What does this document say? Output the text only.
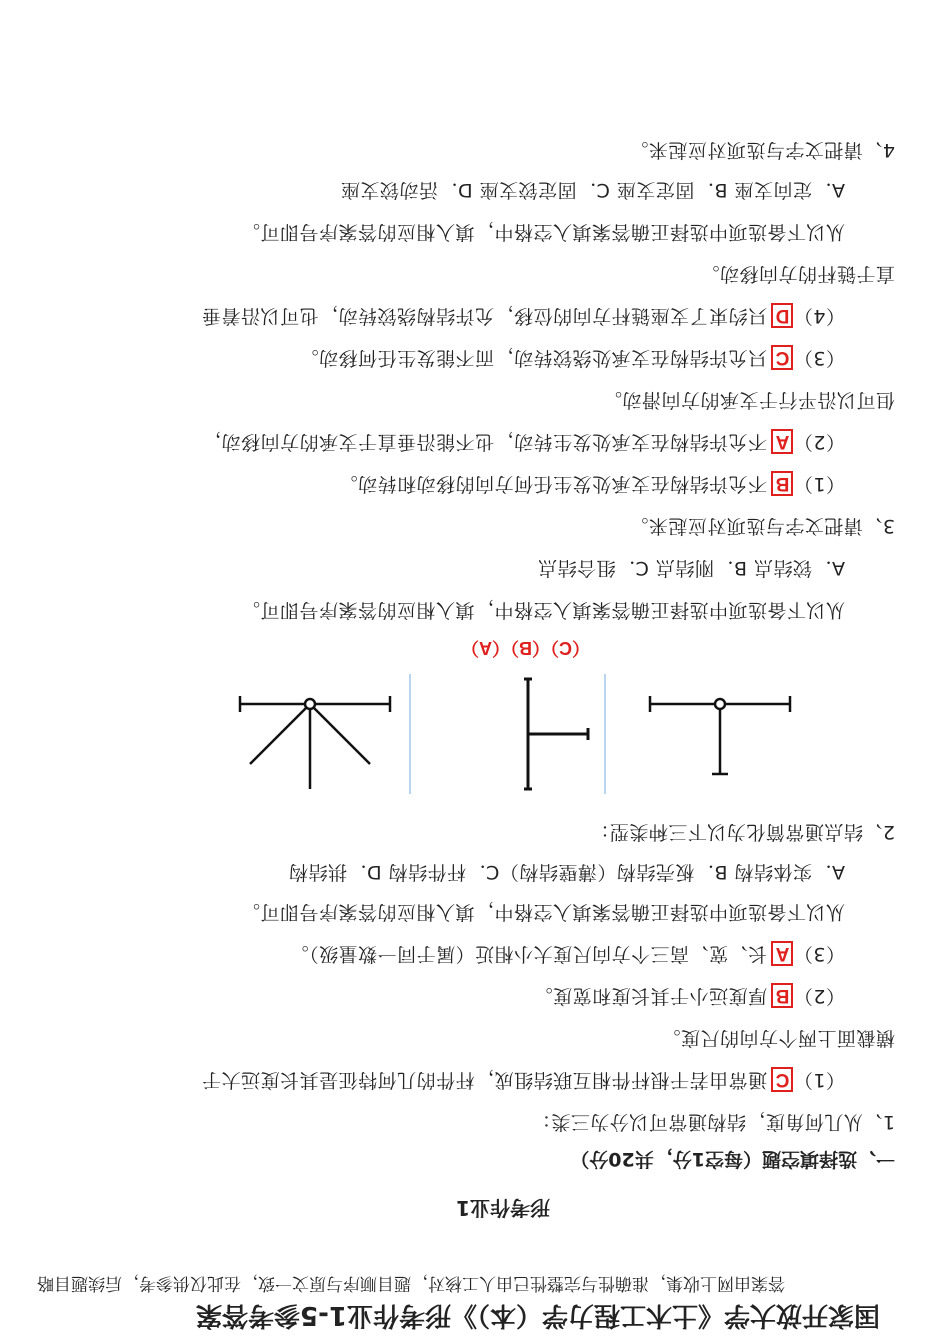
国家开放大学《土木工程力学（本）》形考作业1-5参考答案
答案由网上收集，准确性与完整性已由人工核对，题目顺序与原文一致，在此仅供参考，后续题目略
形考作业1
一、选择填空题（每空1分，共20分）
1、从几何角度，结构通常可以分为三类：
（1）C通常由若干根杆件相互联结组成，杆件的几何特征是其长度远大于
横截面上两个方向的尺度。
（2）B厚度远小于其长度和宽度。
（3）A长、宽、高三个方向尺度大小相近（属于同一数量级）。
从以下备选项中选择正确答案填入空格中，填入相应的答案序号即可。
A．实体结构 B．板壳结构（薄壁结构）C．杆件结构 D．拱结构
2、结点通常简化为以下三种类型：
（C）（B）（A）
从以下备选项中选择正确答案填入空格中，填入相应的答案序号即可。
A．铰结点 B．刚结点 C．组合结点
3、请把文字与选项对应起来。
（1）B不允许结构在支承处发生任何方向的移动和转动。
（2）A不允许结构在支承处发生转动，也不能沿垂直于支承的方向移动，
但可以沿平行于支承的方向滑动。
（3）C只允许结构在支承处绕铰转动，而不能发生任何移动。
（4）D只约束了支座链杆方向的位移，允许结构绕铰转动，也可以沿着垂
直于链杆的方向移动。
从以下备选项中选择正确答案填入空格中，填入相应的答案序号即可。
A．定向支座 B．固定支座 C．固定铰支座 D．活动铰支座
4、请把文字与选项对应起来。
